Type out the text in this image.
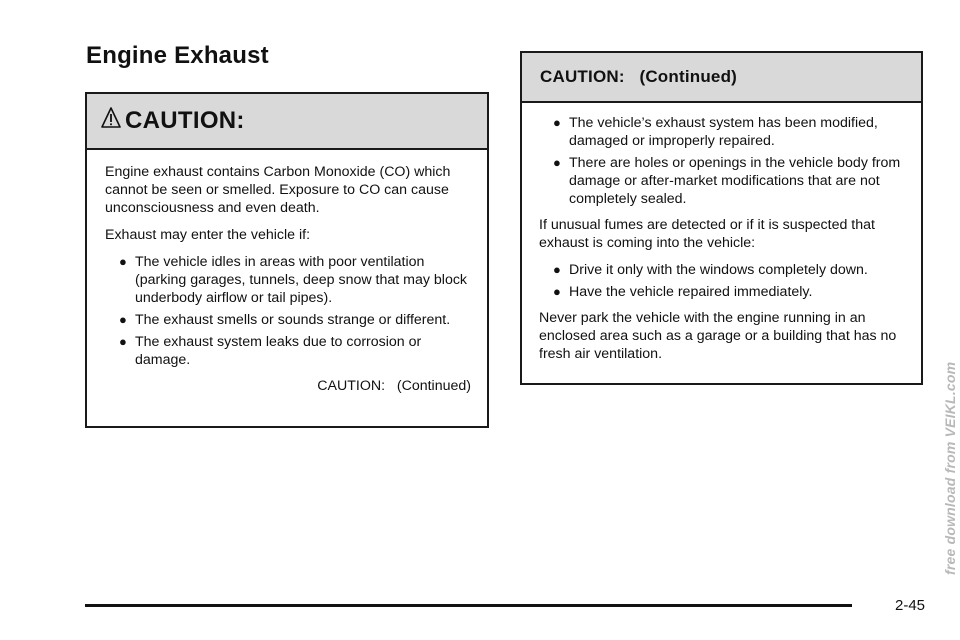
Engine Exhaust
CAUTION:

Engine exhaust contains Carbon Monoxide (CO) which cannot be seen or smelled. Exposure to CO can cause unconsciousness and even death.

Exhaust may enter the vehicle if:

● The vehicle idles in areas with poor ventilation (parking garages, tunnels, deep snow that may block underbody airflow or tail pipes).
● The exhaust smells or sounds strange or different.
● The exhaust system leaks due to corrosion or damage.
CAUTION:   (Continued)
CAUTION:   (Continued)
● The vehicle’s exhaust system has been modified, damaged or improperly repaired.
● There are holes or openings in the vehicle body from damage or after-market modifications that are not completely sealed.

If unusual fumes are detected or if it is suspected that exhaust is coming into the vehicle:

● Drive it only with the windows completely down.
● Have the vehicle repaired immediately.

Never park the vehicle with the engine running in an enclosed area such as a garage or a building that has no fresh air ventilation.

2-45
free download from VEIKL.com
